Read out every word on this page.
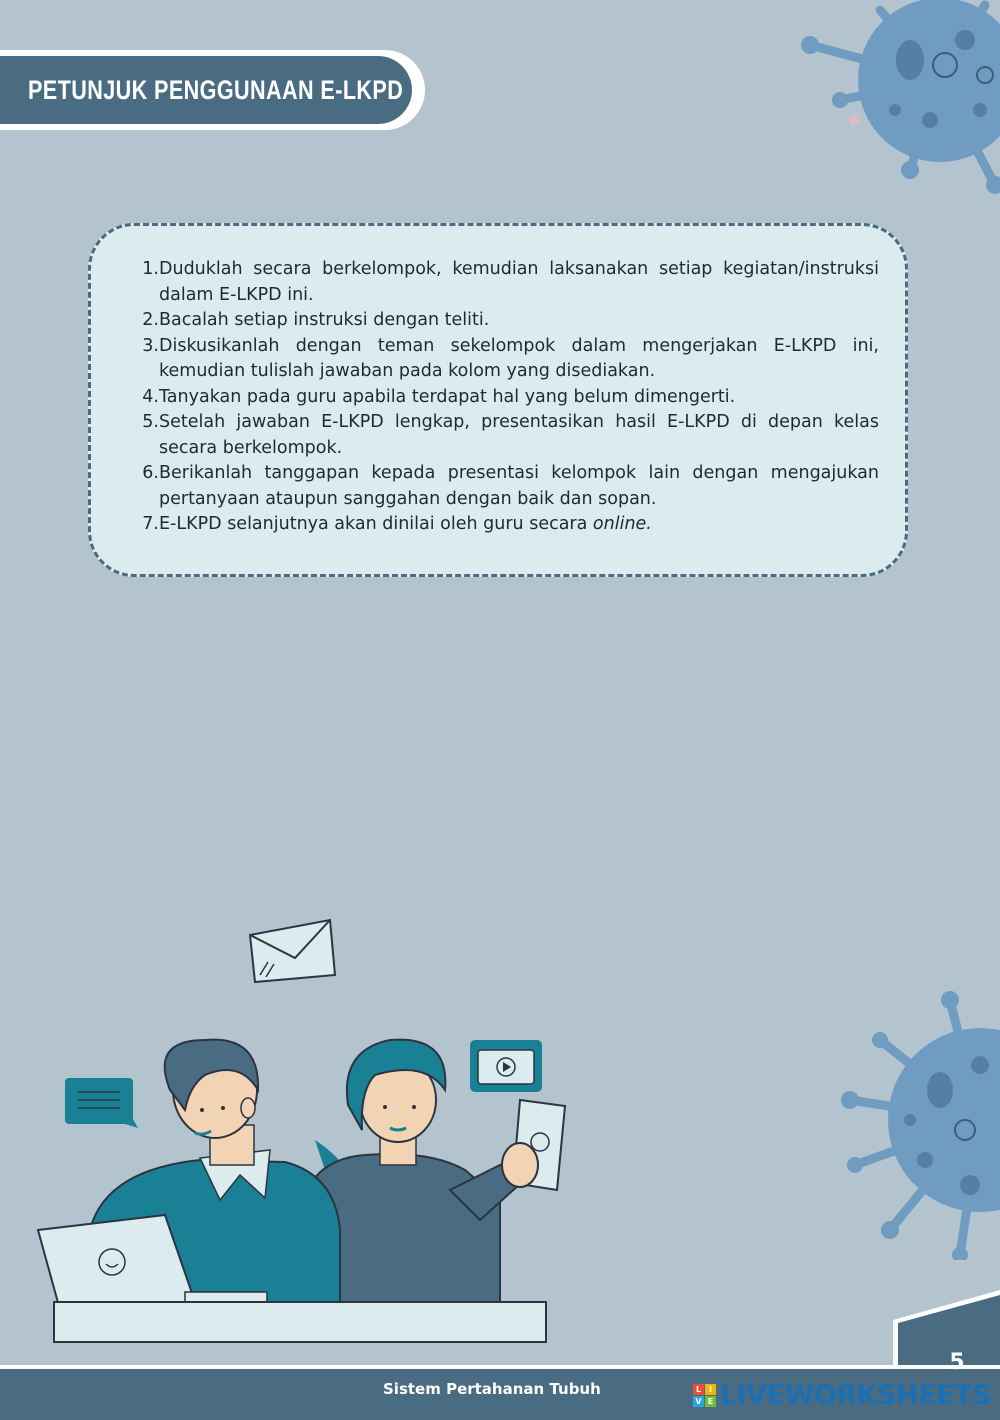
PETUNJUK PENGGUNAAN E-LKPD
1. Duduklah secara berkelompok, kemudian laksanakan setiap kegiatan/instruksi dalam E-LKPD ini.
2. Bacalah setiap instruksi dengan teliti.
3. Diskusikanlah dengan teman sekelompok dalam mengerjakan E-LKPD ini, kemudian tulislah jawaban pada kolom yang disediakan.
4. Tanyakan pada guru apabila terdapat hal yang belum dimengerti.
5. Setelah jawaban E-LKPD lengkap, presentasikan hasil E-LKPD di depan kelas secara berkelompok.
6. Berikanlah tanggapan kepada presentasi kelompok lain dengan mengajukan pertanyaan ataupun sanggahan dengan baik dan sopan.
7. E-LKPD selanjutnya akan dinilai oleh guru secara online.
Sistem Pertahanan Tubuh
5
L I
V E LIVEWORKSHEETS
